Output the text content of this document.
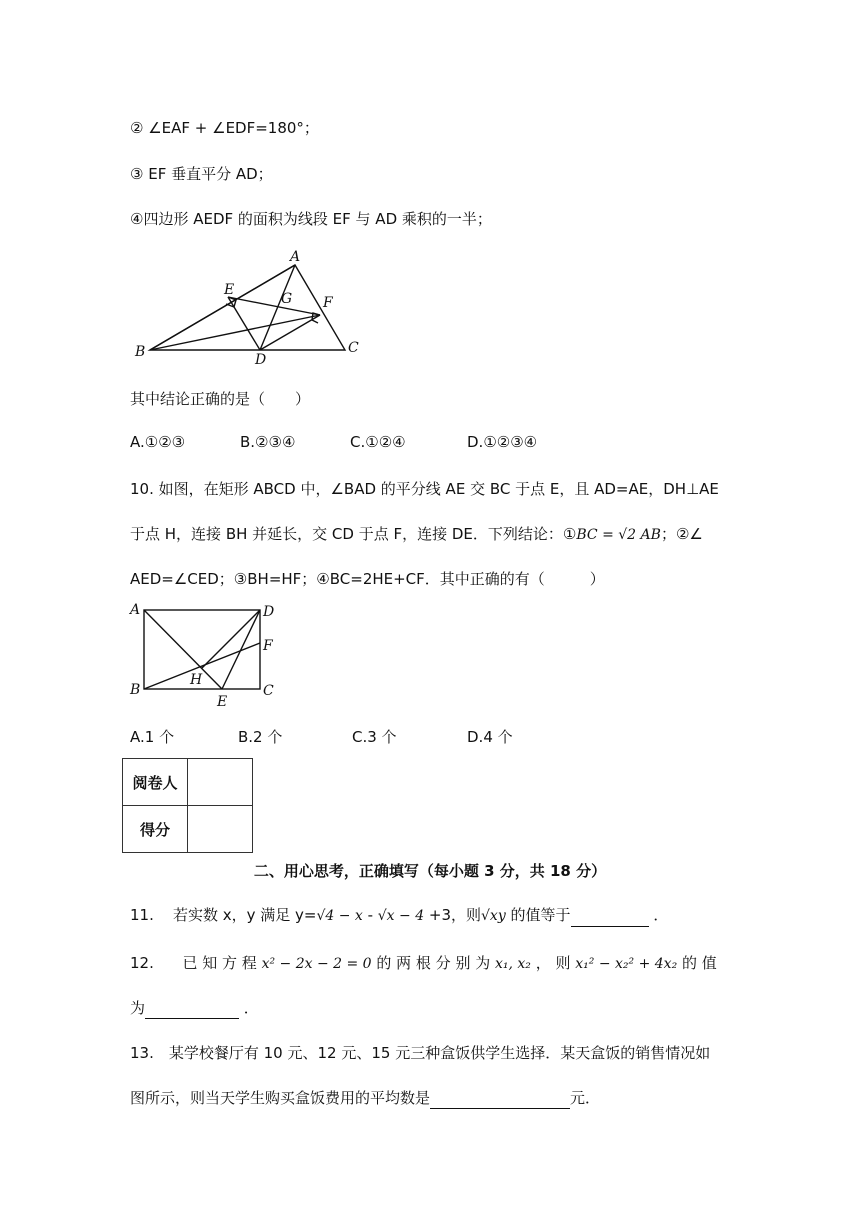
② ∠EAF + ∠EDF=180°；
③ EF 垂直平分 AD；
④四边形 AEDF 的面积为线段 EF 与 AD 乘积的一半；
A
B	C
D
E
F
G
其中结论正确的是（　　）
A.①②③	B.②③④	C.①②④	D.①②③④
10. 如图，在矩形 ABCD 中，∠BAD 的平分线 AE 交 BC 于点 E，且 AD=AE，DH⊥AE
于点 H，连接 BH 并延长，交 CD 于点 F，连接 DE．下列结论：①BC = √2 AB；②∠
AED=∠CED；③BH=HF；④BC=2HE+CF．其中正确的有（　　　）
A	D
F
B
H
E
C
A.1 个	B.2 个	C.3 个	D.4 个
阅卷人	
得分	
二、用心思考，正确填写（每小题 3 分，共 18 分）
11. 若实数 x，y 满足 y=√4 − x - √x − 4 +3，则√xy 的值等于	．
12. 已 知 方 程 x² − 2x − 2 = 0 的 两 根 分 别 为 x₁, x₂ ， 则 x₁² − x₂² + 4x₂ 的 值
为	．
13.　某学校餐厅有 10 元、12 元、15 元三种盒饭供学生选择．某天盒饭的销售情况如
图所示，则当天学生购买盒饭费用的平均数是	元．
